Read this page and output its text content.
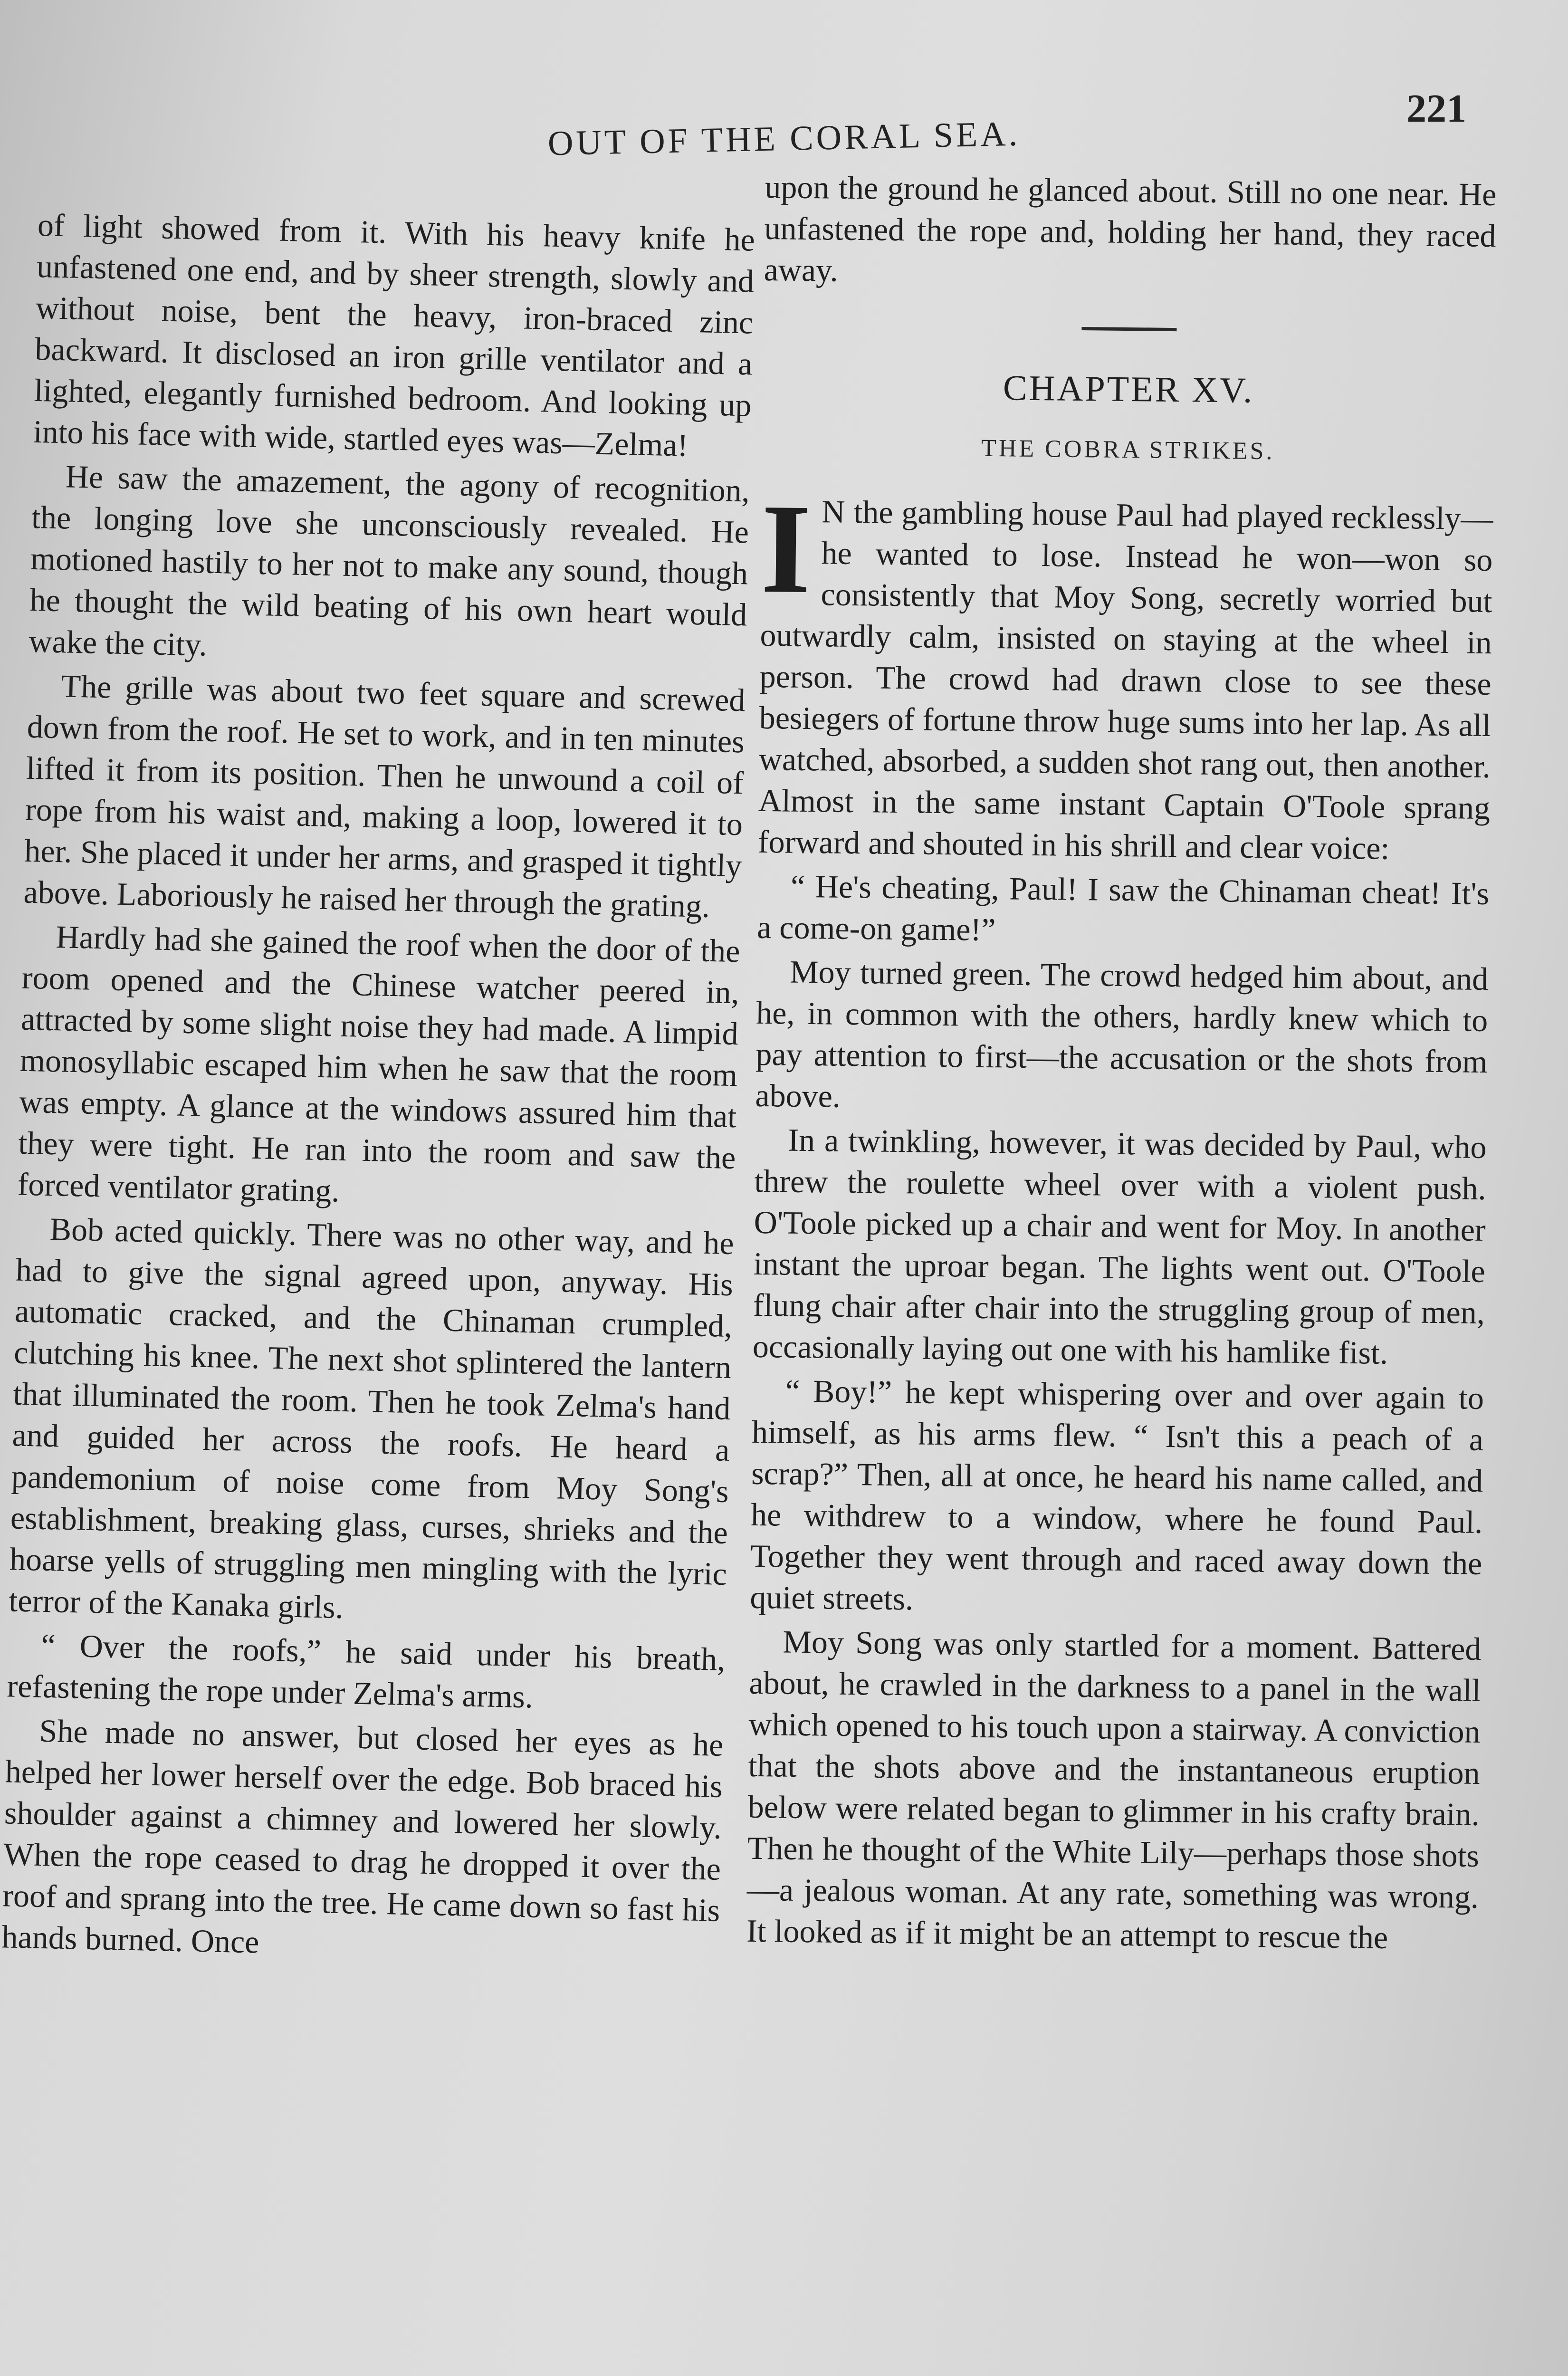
OUT OF THE CORAL SEA.
221

of light showed from it. With his heavy knife he unfastened one end, and by sheer strength, slowly and without noise, bent the heavy, iron-braced zinc backward. It disclosed an iron grille ventilator and a lighted, elegantly furnished bedroom. And looking up into his face with wide, startled eyes was—Zelma!

He saw the amazement, the agony of recognition, the longing love she unconsciously revealed. He motioned hastily to her not to make any sound, though he thought the wild beating of his own heart would wake the city.

The grille was about two feet square and screwed down from the roof. He set to work, and in ten minutes lifted it from its position. Then he unwound a coil of rope from his waist and, making a loop, lowered it to her. She placed it under her arms, and grasped it tightly above. Laboriously he raised her through the grating.

Hardly had she gained the roof when the door of the room opened and the Chinese watcher peered in, attracted by some slight noise they had made. A limpid monosyllabic escaped him when he saw that the room was empty. A glance at the windows assured him that they were tight. He ran into the room and saw the forced ventilator grating.

Bob acted quickly. There was no other way, and he had to give the signal agreed upon, anyway. His automatic cracked, and the Chinaman crumpled, clutching his knee. The next shot splintered the lantern that illuminated the room. Then he took Zelma's hand and guided her across the roofs. He heard a pandemonium of noise come from Moy Song's establishment, breaking glass, curses, shrieks and the hoarse yells of struggling men mingling with the lyric terror of the Kanaka girls.

“ Over the roofs,” he said under his breath, refastening the rope under Zelma's arms.

She made no answer, but closed her eyes as he helped her lower herself over the edge. Bob braced his shoulder against a chimney and lowered her slowly. When the rope ceased to drag he dropped it over the roof and sprang into the tree. He came down so fast his hands burned. Once

upon the ground he glanced about. Still no one near. He unfastened the rope and, holding her hand, they raced away.

CHAPTER XV.
THE COBRA STRIKES.

I N the gambling house Paul had played recklessly—he wanted to lose. Instead he won—won so consistently that Moy Song, secretly worried but outwardly calm, insisted on staying at the wheel in person. The crowd had drawn close to see these besiegers of fortune throw huge sums into her lap. As all watched, absorbed, a sudden shot rang out, then another. Almost in the same instant Captain O'Toole sprang forward and shouted in his shrill and clear voice:

“ He's cheating, Paul! I saw the Chinaman cheat! It's a come-on game!”

Moy turned green. The crowd hedged him about, and he, in common with the others, hardly knew which to pay attention to first—the accusation or the shots from above.

In a twinkling, however, it was decided by Paul, who threw the roulette wheel over with a violent push. O'Toole picked up a chair and went for Moy. In another instant the uproar began. The lights went out. O'Toole flung chair after chair into the struggling group of men, occasionally laying out one with his hamlike fist.

“ Boy!” he kept whispering over and over again to himself, as his arms flew. “ Isn't this a peach of a scrap?” Then, all at once, he heard his name called, and he withdrew to a window, where he found Paul. Together they went through and raced away down the quiet streets.

Moy Song was only startled for a moment. Battered about, he crawled in the darkness to a panel in the wall which opened to his touch upon a stairway. A conviction that the shots above and the instantaneous eruption below were related began to glimmer in his crafty brain. Then he thought of the White Lily—perhaps those shots—a jealous woman. At any rate, something was wrong. It looked as if it might be an attempt to rescue the
